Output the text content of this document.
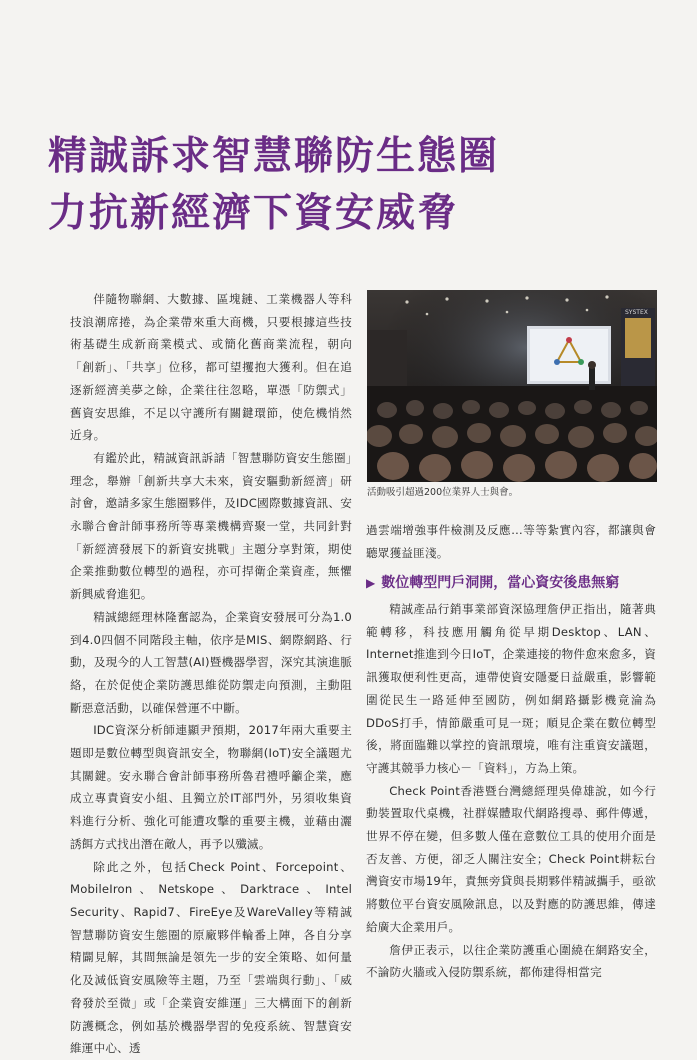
精誠訴求智慧聯防生態圈
力抗新經濟下資安威脅

伴隨物聯網、大數據、區塊鏈、工業機器人等科技浪潮席捲，為企業帶來重大商機，只要根據這些技術基礎生成新商業模式、或簡化舊商業流程，朝向「創新」、「共享」位移，都可望攫抱大獲利。但在追逐新經濟美夢之餘，企業往往忽略，單憑「防禦式」舊資安思維，不足以守護所有關鍵環節，使危機悄然近身。

有鑑於此，精誠資訊訴請「智慧聯防資安生態圈」理念，舉辦「創新共享大未來，資安驅動新經濟」研討會，邀請多家生態圈夥伴，及IDC國際數據資訊、安永聯合會計師事務所等專業機構齊聚一堂，共同針對「新經濟發展下的新資安挑戰」主題分享對策，期使企業推動數位轉型的過程，亦可捍衛企業資產，無懼新興威脅進犯。

精誠總經理林隆奮認為，企業資安發展可分為1.0到4.0四個不同階段主軸，依序是MIS、網際網路、行動，及現今的人工智慧(AI)暨機器學習，深究其演進脈絡，在於促使企業防護思維從防禦走向預測，主動阻斷惡意活動，以確保營運不中斷。

IDC資深分析師連顯尹預期，2017年兩大重要主題即是數位轉型與資訊安全，物聯網(IoT)安全議題尤其關鍵。安永聯合會計師事務所魯君禮呼籲企業，應成立專責資安小組、且獨立於IT部門外，另須收集資料進行分析、強化可能遭攻擊的重要主機，並藉由灑誘餌方式找出潛在敵人，再予以殲滅。

除此之外，包括Check Point、Forcepoint、MobileIron、Netskope、Darktrace、Intel Security、Rapid7、FireEye及WareValley等精誠智慧聯防資安生態圈的原廠夥伴輪番上陣，各自分享精闢見解，其間無論是領先一步的安全策略、如何量化及減低資安風險等主題，乃至「雲端與行動」、「威脅發於至微」或「企業資安維運」三大構面下的創新防護概念，例如基於機器學習的免疫系統、智慧資安維運中心、透

SYSTEX
活動吸引超過200位業界人士與會。

過雲端增強事件檢測及反應…等等紮實內容，都讓與會聽眾獲益匪淺。

▶ 數位轉型門戶洞開，當心資安後患無窮

精誠產品行銷事業部資深協理詹伊正指出，隨著典範轉移，科技應用觸角從早期Desktop、LAN、Internet推進到今日IoT，企業連接的物件愈來愈多，資訊獲取便利性更高，連帶使資安隱憂日益嚴重，影響範圍從民生一路延伸至國防，例如網路攝影機竟淪為DDoS打手，情節嚴重可見一斑；順見企業在數位轉型後，將面臨難以掌控的資訊環境，唯有注重資安議題，守護其競爭力核心－「資料」，方為上策。

Check Point香港暨台灣總經理吳偉雄說，如今行動裝置取代桌機，社群媒體取代網路搜尋、郵件傳遞，世界不停在變，但多數人僅在意數位工具的使用介面是否友善、方便，卻乏人關注安全；Check Point耕耘台灣資安市場19年，責無旁貸與長期夥伴精誠攜手，亟欲將數位平台資安風險訊息，以及對應的防護思維，傳達給廣大企業用戶。

詹伊正表示，以往企業防護重心圍繞在網路安全，不論防火牆或入侵防禦系統，都佈建得相當完
